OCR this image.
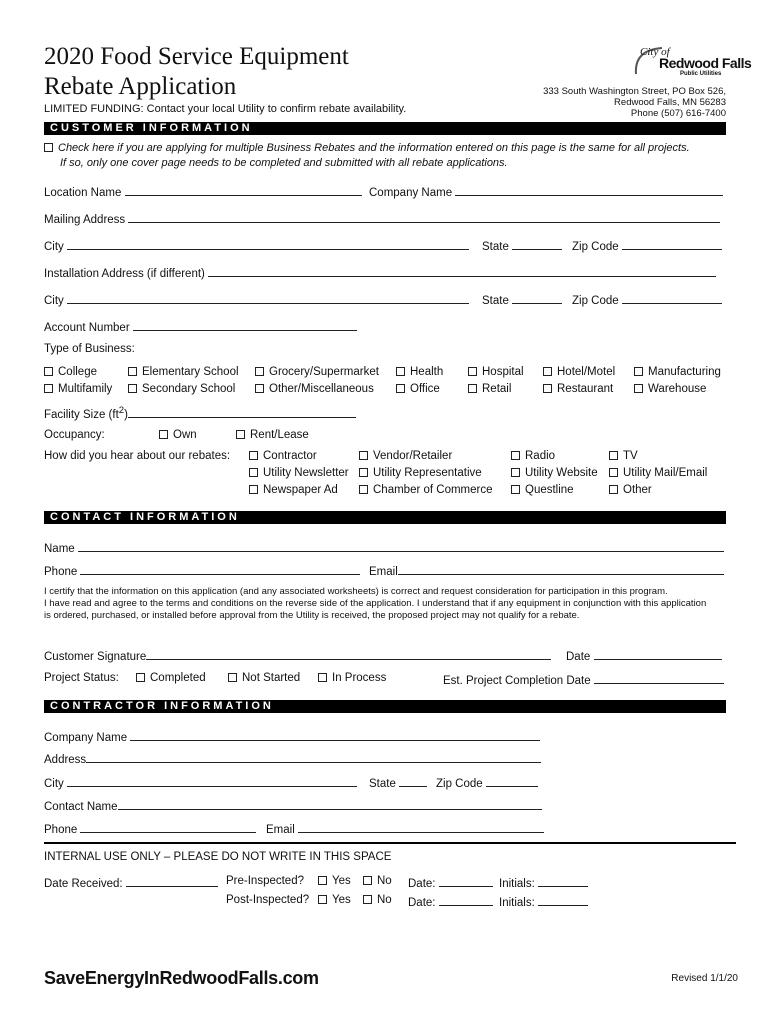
2020 Food Service Equipment
Rebate Application
LIMITED FUNDING: Contact your local Utility to confirm rebate availability.
City of
Redwood Falls
Public Utilities
333 South Washington Street, PO Box 526,
Redwood Falls, MN 56283
Phone (507) 616-7400
CUSTOMER INFORMATION
Check here if you are applying for multiple Business Rebates and the information entered on this page is the same for all projects.
If so, only one cover page needs to be completed and submitted with all rebate applications.
Location Name	Company Name
Mailing Address
City	State	Zip Code
Installation Address (if different)
City	State	Zip Code
Account Number
Type of Business:
College	Elementary School	Grocery/Supermarket	Health	Hospital	Hotel/Motel	Manufacturing
Multifamily	Secondary School	Other/Miscellaneous	Office	Retail	Restaurant	Warehouse
Facility Size $(ft^2)$
Occupancy:	Own	Rent/Lease
How did you hear about our rebates:	Contractor	Vendor/Retailer	Radio	TV
Utility Newsletter	Utility Representative	Utility Website	Utility Mail/Email
Newspaper Ad	Chamber of Commerce	Questline	Other
CONTACT INFORMATION
Name
Phone	Email
I certify that the information on this application (and any associated worksheets) is correct and request consideration for participation in this program.
I have read and agree to the terms and conditions on the reverse side of the application. I understand that if any equipment in conjunction with this application
is ordered, purchased, or installed before approval from the Utility is received, the proposed project may not qualify for a rebate.
Customer Signature	Date
Project Status:	Completed	Not Started	In Process	Est. Project Completion Date
CONTRACTOR INFORMATION
Company Name
Address
City	State	Zip Code
Contact Name
Phone	Email
INTERNAL USE ONLY – PLEASE DO NOT WRITE IN THIS SPACE
Date Received:	Pre-Inspected?	Yes	No Date:	Initials:
Post-Inspected?	Yes	No Date:	Initials:
SaveEnergyInRedwoodFalls.com	Revised 1/1/20
